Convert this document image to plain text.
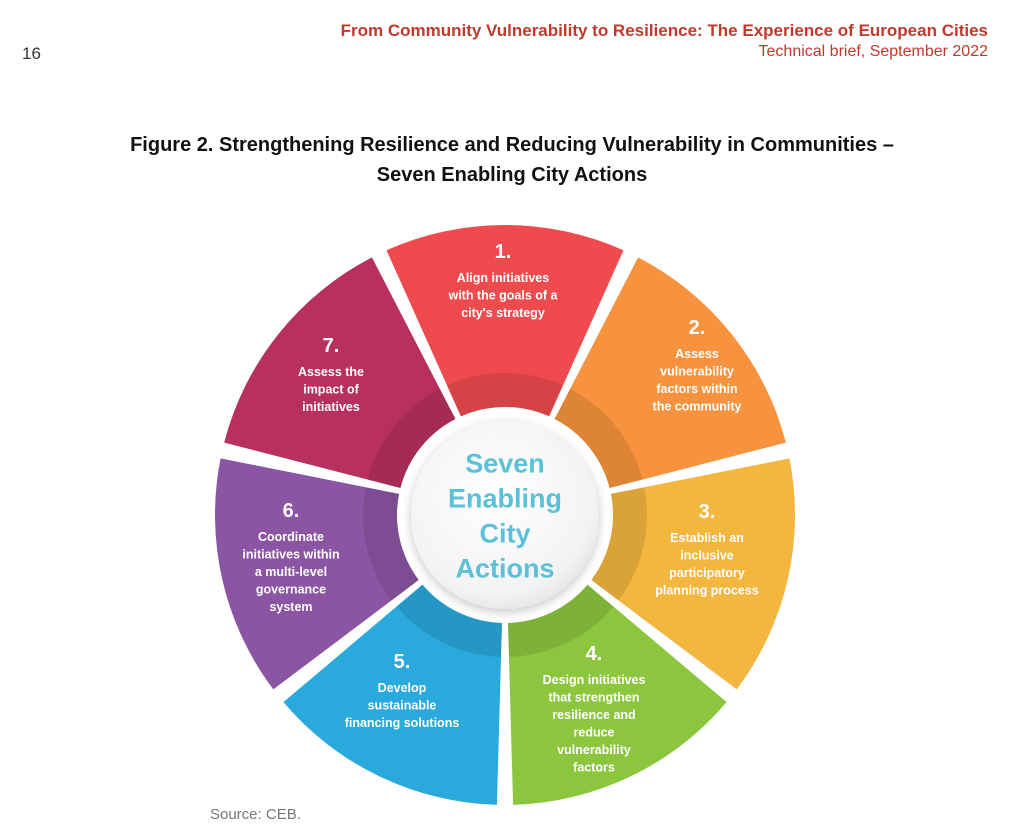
16
From Community Vulnerability to Resilience: The Experience of European Cities
Technical brief, September 2022
Figure 2. Strengthening Resilience and Reducing Vulnerability in Communities –
Seven Enabling City Actions
1.
Align initiatives with the goals of a city's strategy
2.
Assess vulnerability factors within the community
3.
Establish an inclusive participatory planning process
4.
Design initiatives that strengthen resilience and reduce vulnerability factors
5.
Develop sustainable financing solutions
6.
Coordinate initiatives within a multi-level governance system
7.
Assess the impact of initiatives
Seven Enabling City Actions
Source: CEB.
